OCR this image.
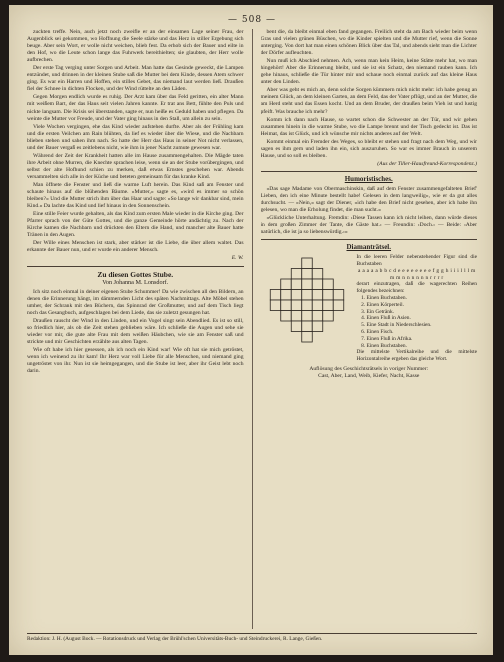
— 508 —

zuckten treffe. Nein, auch jetzt noch zweifle er an der einsamen Lage seiner Frau, der Augenblick sei gekommen, wo Hoffnung die Seele stärke und das Herz in stiller Ergebung sich beuge. Aber sein Wort, er wolle nicht weichen, blieb fest. Da erhob sich der Bauer und eilte in den Hof, wo die Leute schon lange das Fuhrwerk bereithielten; sie glaubten, der Herr wolle aufbrechen.

Der erste Tag verging unter Sorgen und Arbeit. Man hatte das Gesinde geweckt, die Lampen entzündet, und drinnen in der kleinen Stube saß die Mutter bei dem Kinde, dessen Atem schwer ging. Es war ein Harren und Hoffen, ein stilles Gebet, das niemand laut werden ließ. Draußen fiel der Schnee in dichten Flocken, und der Wind rüttelte an den Läden.

Gegen Morgen endlich wurde es ruhig. Der Arzt kam über das Feld geritten, ein alter Mann mit weißem Bart, der das Haus seit vielen Jahren kannte. Er trat ans Bett, fühlte den Puls und nickte langsam. Die Krisis sei überstanden, sagte er, nun heiße es Geduld haben und pflegen. Da weinte die Mutter vor Freude, und der Vater ging hinaus in den Stall, um allein zu sein.

Viele Wochen vergingen, ehe das Kind wieder aufstehen durfte. Aber als der Frühling kam und die ersten Veilchen am Rain blühten, da lief es wieder über die Wiese, und die Nachbarn blieben stehen und sahen ihm nach. So hatte der Herr das Haus in seiner Not nicht verlassen, und der Bauer vergaß es zeitlebens nicht, wie ihm in jener Nacht zumute gewesen war.

Während der Zeit der Krankheit hatten alle im Hause zusammengehalten. Die Mägde taten ihre Arbeit ohne Murren, die Knechte sprachen leise, wenn sie an der Stube vorübergingen, und selbst der alte Hofhund schien zu merken, daß etwas Ernstes geschehen war. Abends versammelten sich alle in der Küche und beteten gemeinsam für das kranke Kind.

Man öffnete die Fenster und ließ die warme Luft herein. Das Kind saß am Fenster und schaute hinaus auf die blühenden Bäume. »Mutter,« sagte es, »wird es immer so schön bleiben?« Und die Mutter strich ihm über das Haar und sagte: »So lange wir dankbar sind, mein Kind.« Da lachte das Kind und lief hinaus in den Sonnenschein.

Eine stille Feier wurde gehalten, als das Kind zum ersten Male wieder in die Kirche ging. Der Pfarrer sprach von der Güte Gottes, und die ganze Gemeinde hörte andächtig zu. Nach der Kirche kamen die Nachbarn und drückten den Eltern die Hand, und mancher alte Bauer hatte Tränen in den Augen.

Der Wille eines Menschen ist stark, aber stärker ist die Liebe, die über allem waltet. Das erkannte der Bauer nun, und er wurde ein anderer Mensch.

E. W.
Zu diesen Gottes Stube.
Von Johanna M. Lonsdorf.

Ich sitz noch einmal in deiner eigenen Stube Schummer! Da wie zwischen all den Bildern, an denen die Erinnerung hängt, im dämmernden Licht des späten Nachmittags. Alte Möbel stehen umher, der Schrank mit den Büchern, das Spinnrad der Großmutter, und auf dem Tisch liegt noch das Gesangbuch, aufgeschlagen bei dem Liede, das sie zuletzt gesungen hat.

Draußen rauscht der Wind in den Linden, und ein Vogel singt sein Abendlied. Es ist so still, so friedlich hier, als ob die Zeit stehen geblieben wäre. Ich schließe die Augen und sehe sie wieder vor mir, die gute alte Frau mit dem weißen Häubchen, wie sie am Fenster saß und strickte und mir Geschichten erzählte aus alten Tagen.

Wie oft habe ich hier gesessen, als ich noch ein Kind war! Wie oft hat sie mich getröstet, wenn ich weinend zu ihr kam! Ihr Herz war voll Liebe für alle Menschen, und niemand ging ungetröstet von ihr. Nun ist sie heimgegangen, und die Stube ist leer, aber ihr Geist lebt noch darin.

bent die, da bleibt einmal eben fand gegangen. Freilich steht da am Bach wieder beim wenn Gras und vielen grünen Büschen, wo die Kinder spielten und die Mutter rief, wenn die Sonne unterging. Von dort hat man einen schönen Blick über das Tal, und abends sieht man die Lichter der Dörfer aufleuchten.

Nun muß ich Abschied nehmen. Ach, wenn man kein Heim, keine Stätte mehr hat, wo man hingehört! Aber die Erinnerung bleibt, und sie ist ein Schatz, den niemand rauben kann. Ich gehe hinaus, schließe die Tür hinter mir und schaue noch einmal zurück auf das kleine Haus unter den Linden.

Aber was geht es mich an, denn solche Sorgen kümmern mich nicht mehr: ich habe genug an meinem Glück, an dem kleinen Garten, an dem Feld, das der Vater pflügt, und an der Mutter, die am Herd steht und das Essen kocht. Und an dem Bruder, der draußen beim Vieh ist und lustig pfeift. Was brauche ich mehr?

Komm ich dann nach Hause, so wartet schon die Schwester an der Tür, und wir gehen zusammen hinein in die warme Stube, wo die Lampe brennt und der Tisch gedeckt ist. Das ist Heimat, das ist Glück, und ich wünsche mir nichts anderes auf der Welt.

Kommt einmal ein Fremder des Weges, so bleibt er stehen und fragt nach dem Weg, und wir sagen es ihm gern und laden ihn ein, sich auszuruhen. So war es immer Brauch in unserem Hause, und so soll es bleiben.

(Aus der Tiller-Hausfreund-Korrespondenz.)
Humoristisches.

»Das sage Madame von Obermaschinskin, daß auf dem Fenster zusammengefalteten Brief' Lieben, den ich eine Minute bestellt habe! Gelesen in dem langweilig«, wie er da gut alles durchsucht. — »Nein,« sagt der Diener, »ich habe den Brief nicht gesehen, aber ich habe ihn gelesen, wo man die Erholung findet, die man sucht.«

»Glückliche Unterhaltung. Fremdin: ›Diese Tassen kann ich nicht leihen, dann würde dieses in dem großen Zimmer der Tante, die Gäste hat.‹ — Freundin: ›Doch.‹ — Beide: ›Aber natürlich, die ist ja so liebenswürdig.‹«

Diamanträtsel.
In die leeren Felder nebenstehender Figur sind die Buchstaben
a a a a a b b c d e e e e e e e e f g g h i i i l l l m m m n n n n n n r r r r
derart einzutragen, daß die wagerechten Reihen folgendes bezeichnen:
1. Einen Buchstaben.
2. Einen Körperteil.
3. Ein Getränk.
4. Einen Fluß in Asien.
5. Eine Stadt in Niederschlesien.
6. Einen Fisch.
7. Einen Fluß in Afrika.
8. Einen Buchstaben.
Die mittelste Vertikalreihe und die mittelste Horizontalreihe ergeben das gleiche Wort.
Auflösung des Geschichtsrätsels in voriger Nummer:
Cast, Aber, Land, Weib, Kiefer, Nacht, Kasse
Redaktion: J. H. (August Bock. — Rotationsdruck und Verlag der Brühl'schen Universitäts-Buch- und Steindruckerei, R. Lange, Gießen.
